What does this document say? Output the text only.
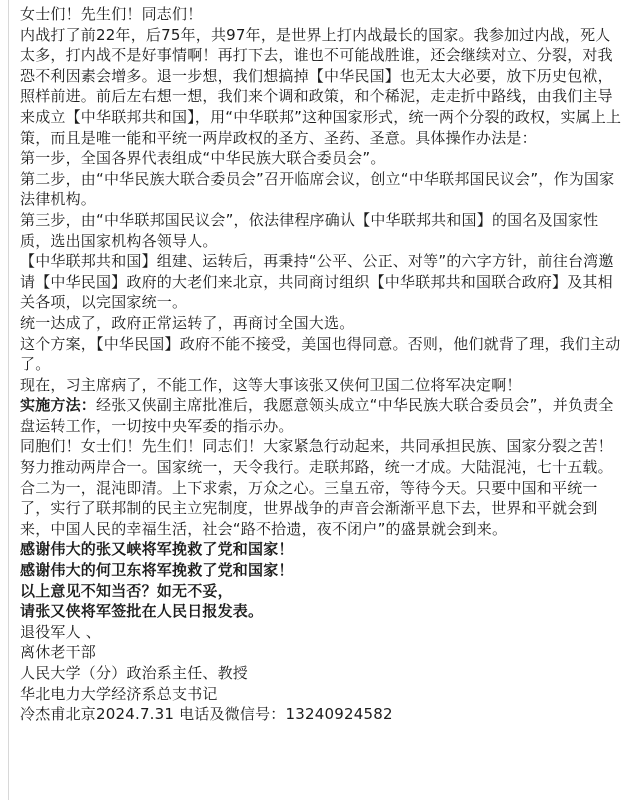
女士们！先生们！同志们！

内战打了前22年，后75年，共97年，是世界上打内战最长的国家。我参加过内战，死人太多，打内战不是好事情啊！再打下去，谁也不可能战胜谁，还会继续对立、分裂，对我恐不利因素会增多。退一步想，我们想搞掉【中华民国】也无太大必要，放下历史包袱，照样前进。前后左右想一想，我们来个调和政策，和个稀泥，走走折中路线，由我们主导来成立【中华联邦共和国】，用“中华联邦”这种国家形式，统一两个分裂的政权，实属上上策，而且是唯一能和平统一两岸政权的圣方、圣药、圣意。具体操作办法是：

第一步，全国各界代表组成“中华民族大联合委员会”。

第二步，由“中华民族大联合委员会”召开临席会议，创立“中华联邦国民议会”，作为国家法律机构。

第三步，由“中华联邦国民议会”，依法律程序确认【中华联邦共和国】的国名及国家性质，选出国家机构各领导人。

【中华联邦共和国】组建、运转后，再秉持“公平、公正、对等”的六字方针，前往台湾邀请【中华民国】政府的大老们来北京，共同商讨组织【中华联邦共和国联合政府】及其相关各项，以完国家统一。

统一达成了，政府正常运转了，再商讨全国大选。

这个方案，【中华民国】政府不能不接受，美国也得同意。否则，他们就背了理，我们主动了。

现在，习主席病了，不能工作，这等大事该张又侠何卫国二位将军决定啊！

实施方法：经张又侠副主席批准后，我愿意领头成立“中华民族大联合委员会”，并负责全盘运转工作，一切按中央军委的指示办。

同胞们！女士们！先生们！同志们！大家紧急行动起来，共同承担民族、国家分裂之苦！努力推动两岸合一。国家统一，天令我行。走联邦路，统一才成。大陆混沌，七十五载。合二为一，混沌即清。上下求索，万众之心。三皇五帝，等待今天。只要中国和平统一了，实行了联邦制的民主立宪制度，世界战争的声音会渐渐平息下去，世界和平就会到来，中国人民的幸福生活，社会“路不拾遗，夜不闭户”的盛景就会到来。

感谢伟大的张又峡将军挽救了党和国家！

感谢伟大的何卫东将军挽救了党和国家！

以上意见不知当否？如无不妥，

请张又侠将军签批在人民日报发表。

退役军人 、

离休老干部

人民大学（分）政治系主任、教授

华北电力大学经济系总支书记

冷杰甫北京2024.7.31 电话及微信号：13240924582
